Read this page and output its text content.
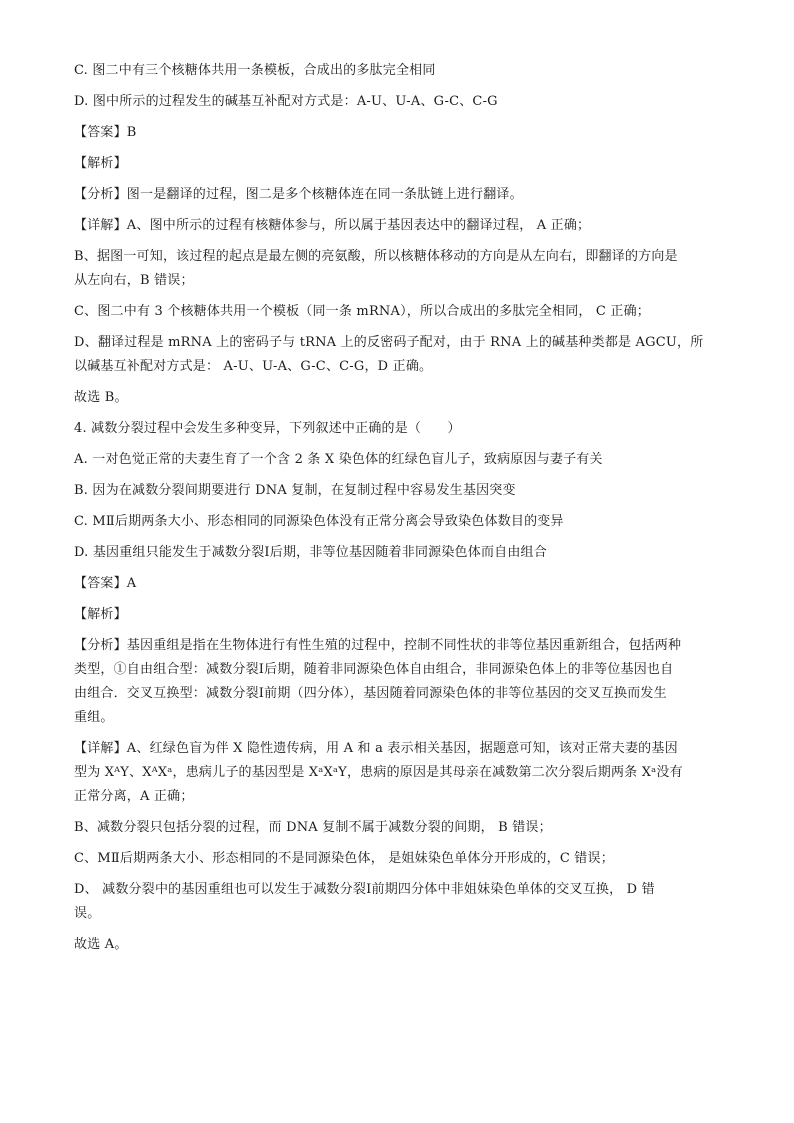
C. 图二中有三个核糖体共用一条模板，合成出的多肽完全相同
D. 图中所示的过程发生的碱基互补配对方式是：A-U、U-A、G-C、C-G
【答案】B
【解析】
【分析】图一是翻译的过程，图二是多个核糖体连在同一条肽链上进行翻译。
【详解】A、图中所示的过程有核糖体参与，所以属于基因表达中的翻译过程， A 正确；
B、据图一可知，该过程的起点是最左侧的亮氨酸，所以核糖体移动的方向是从左向右，即翻译的方向是
从左向右，B 错误；
C、图二中有 3 个核糖体共用一个模板（同一条 mRNA），所以合成出的多肽完全相同， C 正确；
D、翻译过程是 mRNA 上的密码子与 tRNA 上的反密码子配对，由于 RNA 上的碱基种类都是 AGCU，所
以碱基互补配对方式是： A-U、U-A、G-C、C-G，D 正确。
故选 B。
4. 减数分裂过程中会发生多种变异，下列叙述中正确的是（　　）
A. 一对色觉正常的夫妻生育了一个含 2 条 X 染色体的红绿色盲儿子，致病原因与妻子有关
B. 因为在减数分裂间期要进行 DNA 复制，在复制过程中容易发生基因突变
C. MⅡ后期两条大小、形态相同的同源染色体没有正常分离会导致染色体数目的变异
D. 基因重组只能发生于减数分裂Ⅰ后期，非等位基因随着非同源染色体而自由组合
【答案】A
【解析】
【分析】基因重组是指在生物体进行有性生殖的过程中，控制不同性状的非等位基因重新组合，包括两种
类型，①自由组合型：减数分裂Ⅰ后期，随着非同源染色体自由组合，非同源染色体上的非等位基因也自
由组合．交叉互换型：减数分裂Ⅰ前期（四分体），基因随着同源染色体的非等位基因的交叉互换而发生
重组。
【详解】A、红绿色盲为伴 X 隐性遗传病，用 A 和 a 表示相关基因，据题意可知，该对正常夫妻的基因
型为 XᴬY、XᴬXᵃ，患病儿子的基因型是 XᵃXᵃY，患病的原因是其母亲在减数第二次分裂后期两条 Xᵃ没有
正常分离，A 正确；
B、减数分裂只包括分裂的过程，而 DNA 复制不属于减数分裂的间期， B 错误；
C、MⅡ后期两条大小、形态相同的不是同源染色体， 是姐妹染色单体分开形成的，C 错误；
D、 减数分裂中的基因重组也可以发生于减数分裂Ⅰ前期四分体中非姐妹染色单体的交叉互换， D 错
误。
故选 A。
